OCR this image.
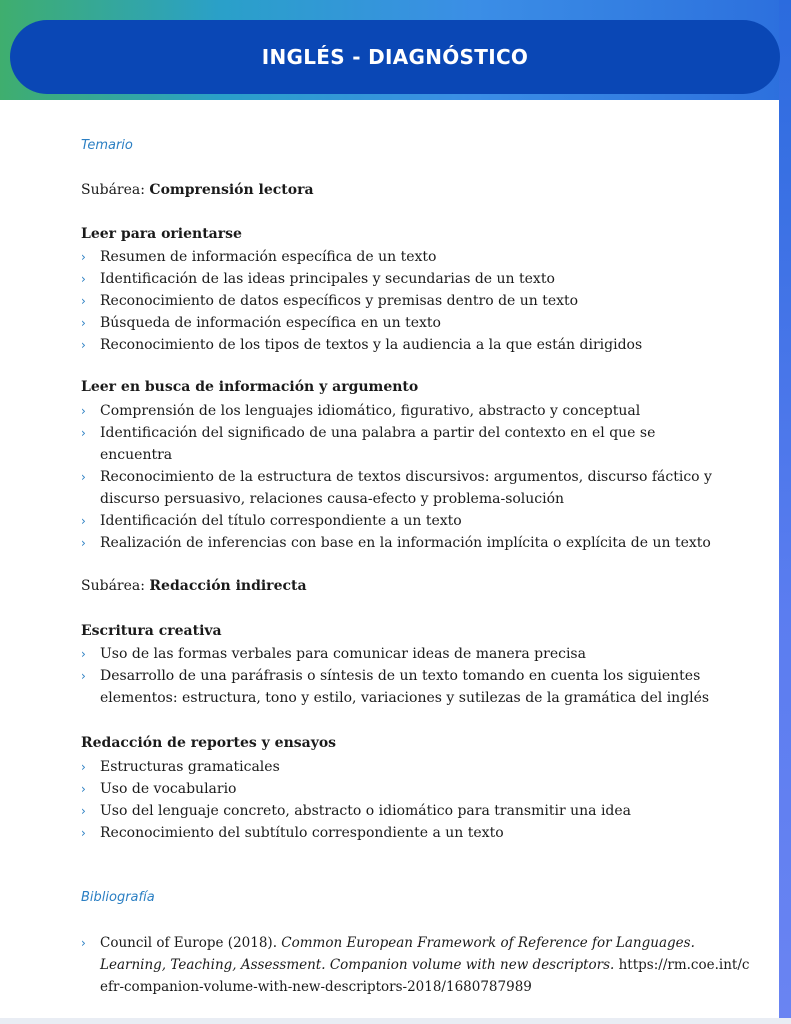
INGLÉS - DIAGNÓSTICO
Temario
Subárea: Comprensión lectora
Leer para orientarse
› Resumen de información específica de un texto
› Identificación de las ideas principales y secundarias de un texto
› Reconocimiento de datos específicos y premisas dentro de un texto
› Búsqueda de información específica en un texto
› Reconocimiento de los tipos de textos y la audiencia a la que están dirigidos
Leer en busca de información y argumento
› Comprensión de los lenguajes idiomático, figurativo, abstracto y conceptual
› Identificación del significado de una palabra a partir del contexto en el que se encuentra
› Reconocimiento de la estructura de textos discursivos: argumentos, discurso fáctico y discurso persuasivo, relaciones causa-efecto y problema-solución
› Identificación del título correspondiente a un texto
› Realización de inferencias con base en la información implícita o explícita de un texto
Subárea: Redacción indirecta
Escritura creativa
› Uso de las formas verbales para comunicar ideas de manera precisa
› Desarrollo de una paráfrasis o síntesis de un texto tomando en cuenta los siguientes elementos: estructura, tono y estilo, variaciones y sutilezas de la gramática del inglés
Redacción de reportes y ensayos
› Estructuras gramaticales
› Uso de vocabulario
› Uso del lenguaje concreto, abstracto o idiomático para transmitir una idea
› Reconocimiento del subtítulo correspondiente a un texto
Bibliografía
› Council of Europe (2018). Common European Framework of Reference for Languages. Learning, Teaching, Assessment. Companion volume with new descriptors. https://rm.coe.int/cefr-companion-volume-with-new-descriptors-2018/1680787989
